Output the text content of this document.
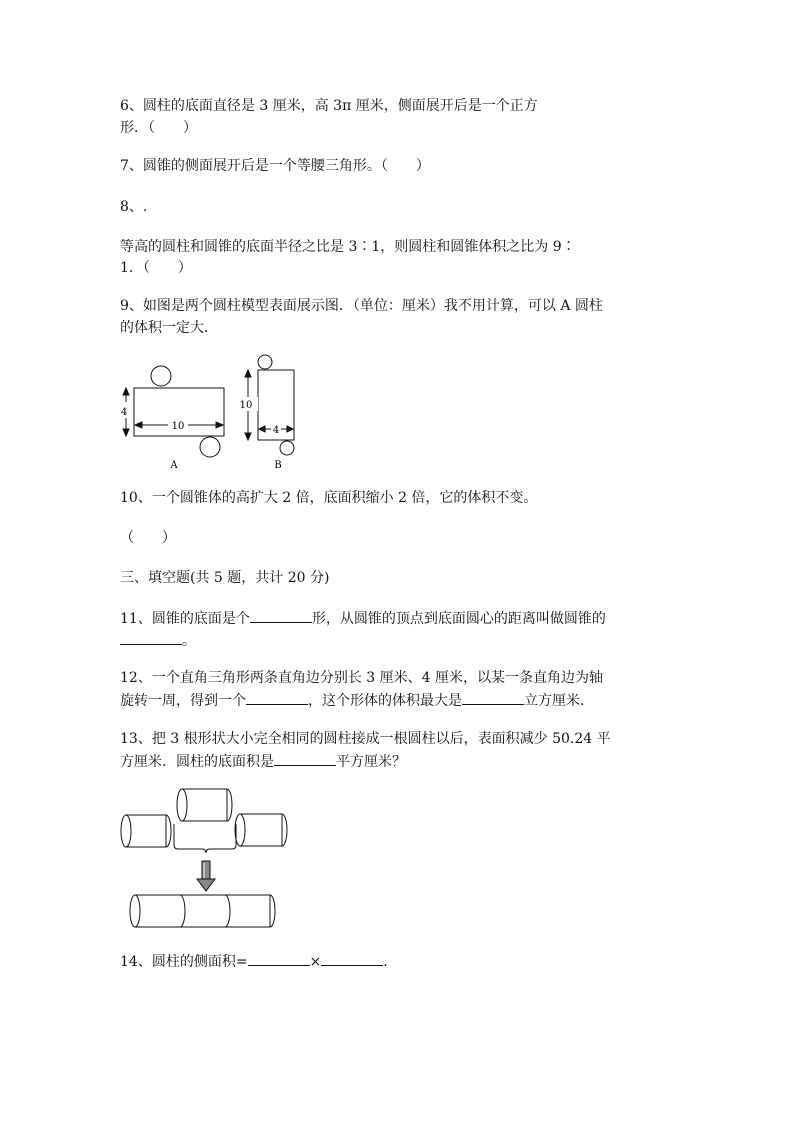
6、圆柱的底面直径是 3 厘米，高 3π 厘米，侧面展开后是一个正方
形．（　　）
7、圆锥的侧面展开后是一个等腰三角形。（　　）
8、.
等高的圆柱和圆锥的底面半径之比是 3∶1，则圆柱和圆锥体积之比为 9∶
1．（　　）
9、如图是两个圆柱模型表面展示图．（单位：厘米）我不用计算，可以 A 圆柱
的体积一定大．
4
10
A
10
4
B
10、一个圆锥体的高扩大 2 倍，底面积缩小 2 倍，它的体积不变。
（　　）
三、填空题(共 5 题，共计 20 分)
11、圆锥的底面是个	形，从圆锥的顶点到底面圆心的距离叫做圆锥的
。
12、一个直角三角形两条直角边分别长 3 厘米、4 厘米，以某一条直角边为轴
旋转一周，得到一个	，这个形体的体积最大是	立方厘米．
13、把 3 根形状大小完全相同的圆柱接成一根圆柱以后，表面积减少 50.24 平
方厘米．圆柱的底面积是	平方厘米？
14、圆柱的侧面积=	×	.
